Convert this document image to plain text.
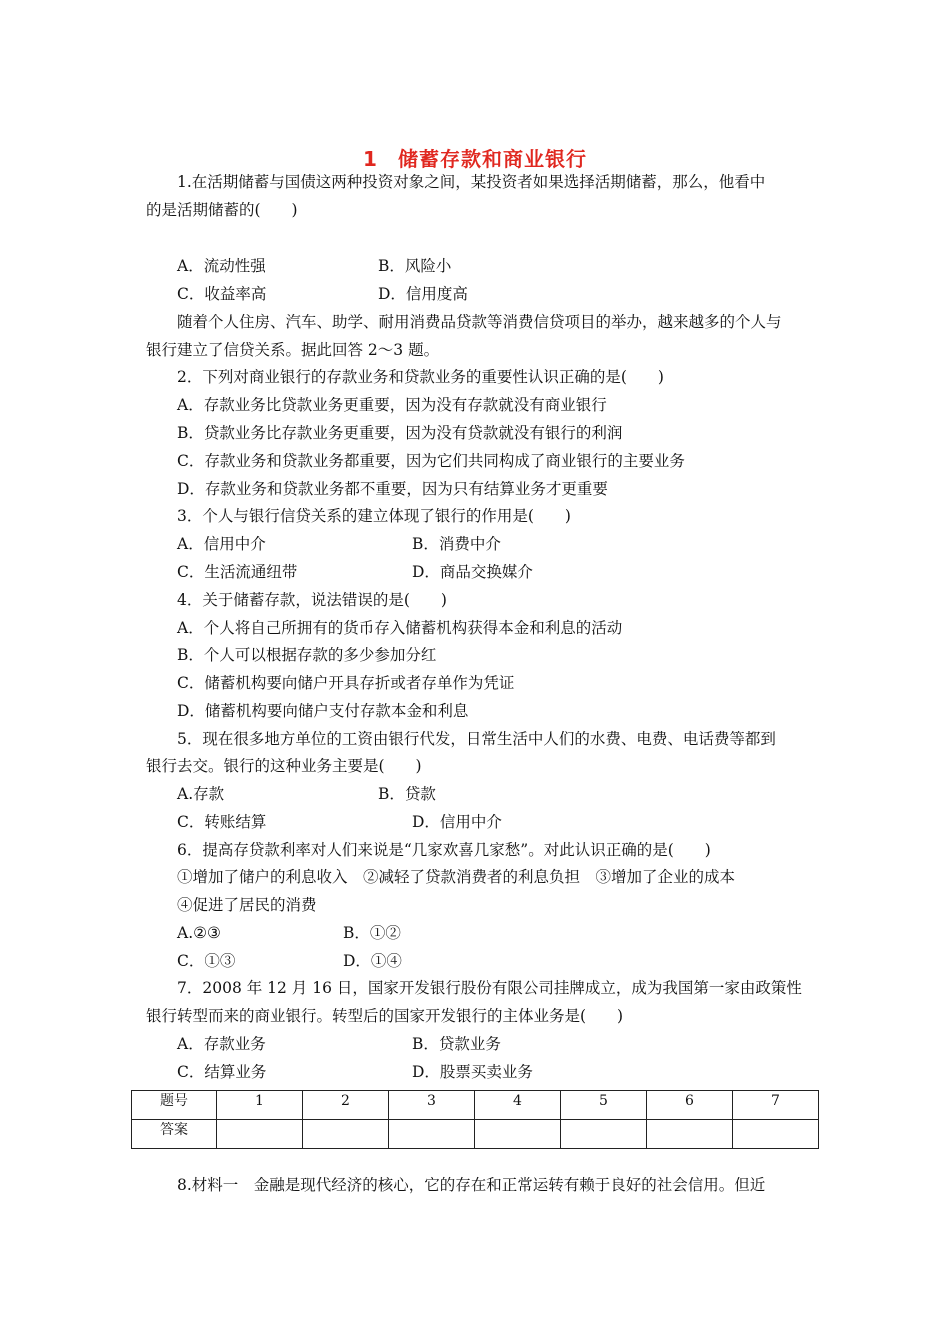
1 储蓄存款和商业银行
1.在活期储蓄与国债这两种投资对象之间，某投资者如果选择活期储蓄，那么，他看中
的是活期储蓄的(　　)
A．流动性强	B．风险小
C．收益率高	D．信用度高
随着个人住房、汽车、助学、耐用消费品贷款等消费信贷项目的举办，越来越多的个人与
银行建立了信贷关系。据此回答 2～3 题。
2．下列对商业银行的存款业务和贷款业务的重要性认识正确的是(　　)
A．存款业务比贷款业务更重要，因为没有存款就没有商业银行
B．贷款业务比存款业务更重要，因为没有贷款就没有银行的利润
C．存款业务和贷款业务都重要，因为它们共同构成了商业银行的主要业务
D．存款业务和贷款业务都不重要，因为只有结算业务才更重要
3．个人与银行信贷关系的建立体现了银行的作用是(　　)
A．信用中介	B．消费中介
C．生活流通纽带	D．商品交换媒介
4．关于储蓄存款，说法错误的是(　　)
A．个人将自己所拥有的货币存入储蓄机构获得本金和利息的活动
B．个人可以根据存款的多少参加分红
C．储蓄机构要向储户开具存折或者存单作为凭证
D．储蓄机构要向储户支付存款本金和利息
5．现在很多地方单位的工资由银行代发，日常生活中人们的水费、电费、电话费等都到
银行去交。银行的这种业务主要是(　　)
A.存款	B．贷款
C．转账结算	D．信用中介
6．提高存贷款利率对人们来说是“几家欢喜几家愁”。对此认识正确的是(　　)
①增加了储户的利息收入　②减轻了贷款消费者的利息负担　③增加了企业的成本
④促进了居民的消费
A.②③	B．①②
C．①③	D．①④
7．2008 年 12 月 16 日，国家开发银行股份有限公司挂牌成立，成为我国第一家由政策性
银行转型而来的商业银行。转型后的国家开发银行的主体业务是(　　)
A．存款业务	B．贷款业务
C．结算业务	D．股票买卖业务
题号	1	2	3	4	5	6	7
答案							
8.材料一　金融是现代经济的核心，它的存在和正常运转有赖于良好的社会信用。但近
